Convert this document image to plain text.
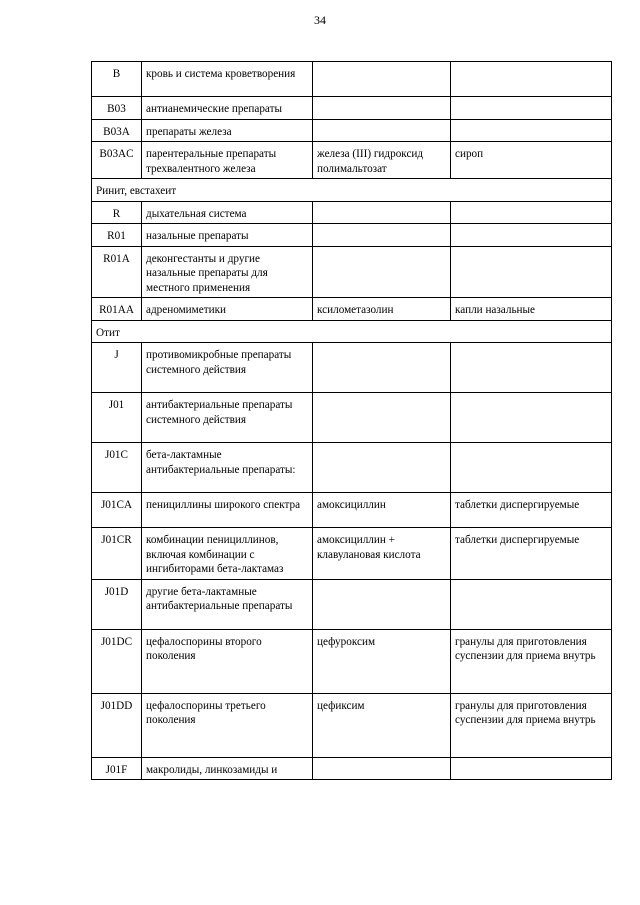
34
B	кровь и система кроветворения		
B03	антианемические препараты		
B03A	препараты железа		
B03AC	парентеральные препараты трехвалентного железа	железа (III) гидроксид полимальтозат	сироп
Ринит, евстахеит			
R	дыхательная система		
R01	назальные препараты		
R01A	деконгестанты и другие назальные препараты для местного применения		
R01AA	адреномиметики	ксилометазолин	капли назальные
Отит			
J	противомикробные препараты системного действия		
J01	антибактериальные препараты системного действия		
J01C	бета-лактамные антибактериальные препараты:		
J01CA	пенициллины широкого спектра	амоксициллин	таблетки диспергируемые
J01CR	комбинации пенициллинов, включая комбинации с ингибиторами бета-лактамаз	амоксициллин + клавулановая кислота	таблетки диспергируемые
J01D	другие бета-лактамные антибактериальные препараты		
J01DC	цефалоспорины второго поколения	цефуроксим	гранулы для приготовления суспензии для приема внутрь
J01DD	цефалоспорины третьего поколения	цефиксим	гранулы для приготовления суспензии для приема внутрь
J01F	макролиды, линкозамиды и		
